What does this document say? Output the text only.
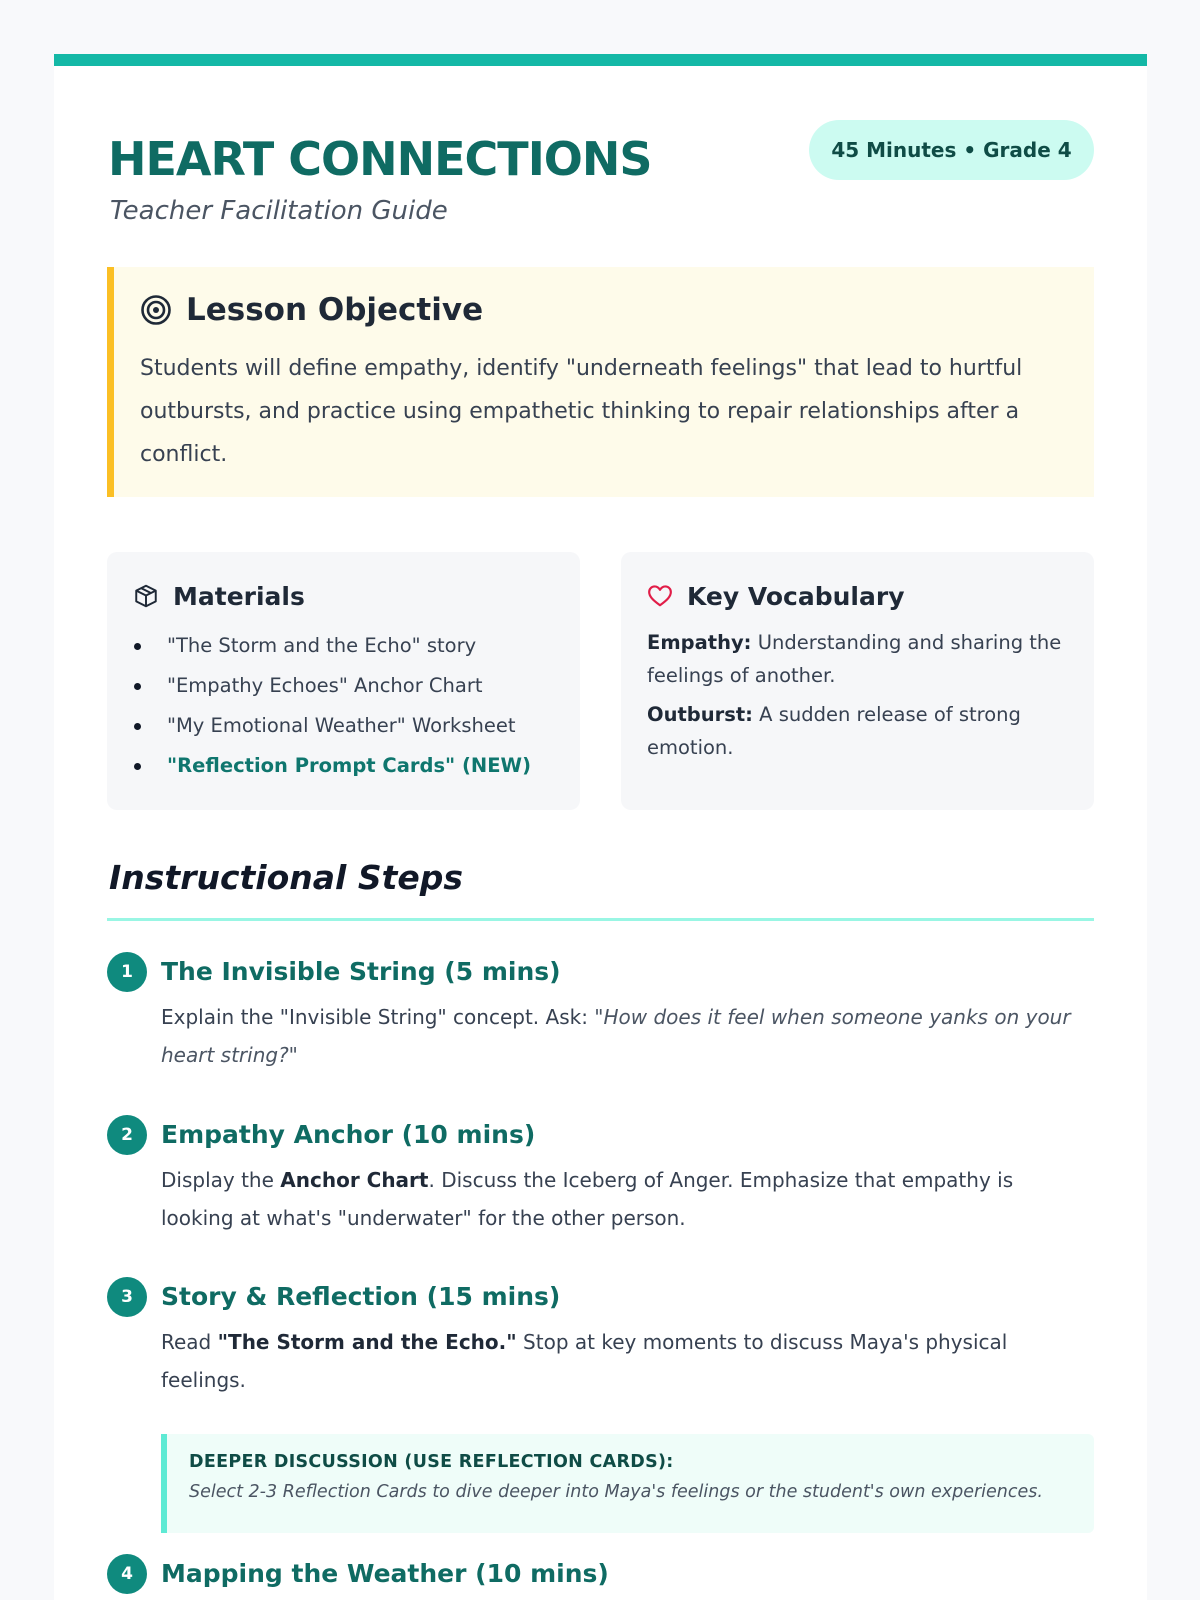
HEART CONNECTIONS
Teacher Facilitation Guide
45 Minutes • Grade 4
Lesson Objective

Students will define empathy, identify "underneath feelings" that lead to hurtful outbursts, and practice using empathetic thinking to repair relationships after a conflict.

Materials
"The Storm and the Echo" story
"Empathy Echoes" Anchor Chart
"My Emotional Weather" Worksheet
"Reflection Prompt Cards" (NEW)
Key Vocabulary

Empathy: Understanding and sharing the feelings of another.

Outburst: A sudden release of strong emotion.

Instructional Steps
1	The Invisible String (5 mins)

Explain the "Invisible String" concept. Ask: "How does it feel when someone yanks on your heart string?"

2	Empathy Anchor (10 mins)

Display the Anchor Chart. Discuss the Iceberg of Anger. Emphasize that empathy is looking at what's "underwater" for the other person.

3	Story & Reflection (15 mins)

Read "The Storm and the Echo." Stop at key moments to discuss Maya's physical feelings.

DEEPER DISCUSSION (USE REFLECTION CARDS):
Select 2-3 Reflection Cards to dive deeper into Maya's feelings or the student's own experiences.
4	Mapping the Weather (10 mins)
